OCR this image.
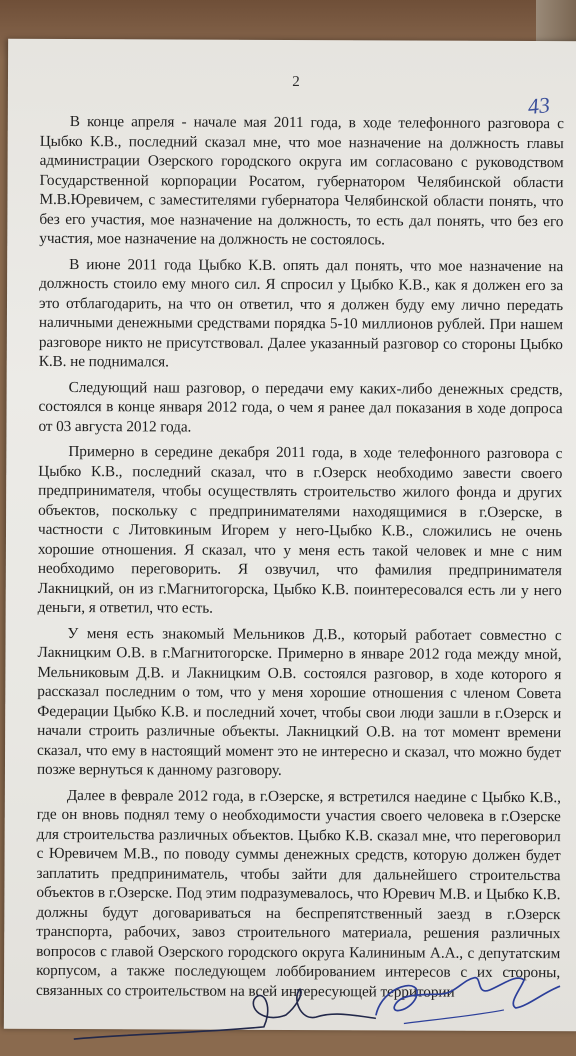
2
43

В конце апреля - начале мая 2011 года, в ходе телефонного разговора с Цыбко К.В., последний сказал мне, что мое назначение на должность главы администрации Озерского городского округа им согласовано с руководством Государственной корпорации Росатом, губернатором Челябинской области М.В.Юревичем, с заместителями губернатора Челябинской области понять, что без его участия, мое назначение на должность, то есть дал понять, что без его участия, мое назначение на должность не состоялось.

В июне 2011 года Цыбко К.В. опять дал понять, что мое назначение на должность стоило ему много сил. Я спросил у Цыбко К.В., как я должен его за это отблагодарить, на что он ответил, что я должен буду ему лично передать наличными денежными средствами порядка 5-10 миллионов рублей. При нашем разговоре никто не присутствовал. Далее указанный разговор со стороны Цыбко К.В. не поднимался.

Следующий наш разговор, о передачи ему каких-либо денежных средств, состоялся в конце января 2012 года, о чем я ранее дал показания в ходе допроса от 03 августа 2012 года.

Примерно в середине декабря 2011 года, в ходе телефонного разговора с Цыбко К.В., последний сказал, что в г.Озерск необходимо завести своего предпринимателя, чтобы осуществлять строительство жилого фонда и других объектов, поскольку с предпринимателями находящимися в г.Озерске, в частности с Литовкиным Игорем у него-Цыбко К.В., сложились не очень хорошие отношения. Я сказал, что у меня есть такой человек и мне с ним необходимо переговорить. Я озвучил, что фамилия предпринимателя Лакницкий, он из г.Магнитогорска, Цыбко К.В. поинтересовался есть ли у него деньги, я ответил, что есть.

У меня есть знакомый Мельников Д.В., который работает совместно с Лакницким О.В. в г.Магнитогорске. Примерно в январе 2012 года между мной, Мельниковым Д.В. и Лакницким О.В. состоялся разговор, в ходе которого я рассказал последним о том, что у меня хорошие отношения с членом Совета Федерации Цыбко К.В. и последний хочет, чтобы свои люди зашли в г.Озерск и начали строить различные объекты. Лакницкий О.В. на тот момент времени сказал, что ему в настоящий момент это не интересно и сказал, что можно будет позже вернуться к данному разговору.

Далее в феврале 2012 года, в г.Озерске, я встретился наедине с Цыбко К.В., где он вновь поднял тему о необходимости участия своего человека в г.Озерске для строительства различных объектов. Цыбко К.В. сказал мне, что переговорил с Юревичем М.В., по поводу суммы денежных средств, которую должен будет заплатить предприниматель, чтобы зайти для дальнейшего строительства объектов в г.Озерске. Под этим подразумевалось, что Юревич М.В. и Цыбко К.В. должны будут договариваться на беспрепятственный заезд в г.Озерск транспорта, рабочих, завоз строительного материала, решения различных вопросов с главой Озерского городского округа Калининым А.А., с депутатским корпусом, а также последующем лоббированием интересов с их стороны, связанных со строительством на всей интересующей территории
